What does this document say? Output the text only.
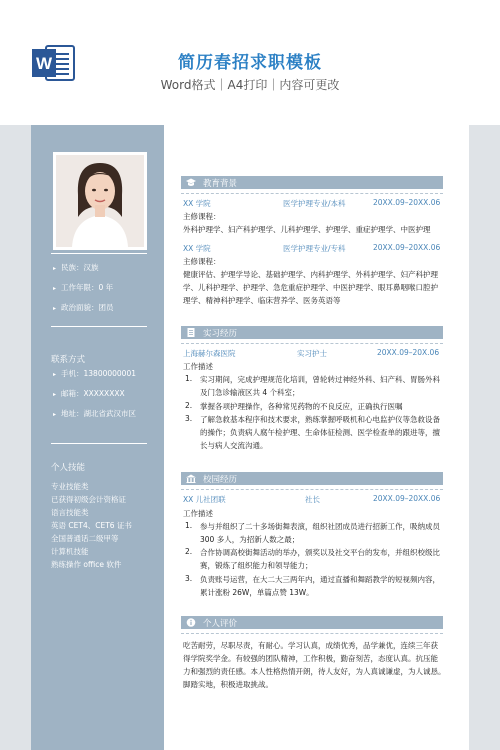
W	简历春招求职模板
Word格式｜A4打印｜内容可更改
▸ 民族：汉族
▸ 工作年限：0 年
▸ 政治面貌：团员
联系方式
▸ 手机：13800000001
▸ 邮箱：XXXXXXXX
▸ 地址：湖北省武汉市区
个人技能
专业技能类
已获得初级会计资格证
语言技能类
英语 CET4、CET6 证书
全国普通话二级甲等
计算机技能
熟练操作 office 软件
教育背景
XX 学院	医学护理专业/本科	20XX.09–20XX.06
主修课程：
外科护理学、妇产科护理学、儿科护理学、护理学、重症护理学、中医护理
XX 学院	医学护理专业/专科	20XX.09–20XX.06
主修课程：
健康评估、护理学导论、基础护理学、内科护理学、外科护理学、妇产科护理
学、儿科护理学、护理学、急危重症护理学、中医护理学、眼耳鼻咽喉口腔护
理学、精神科护理学、临床营养学、医务英语等
实习经历
上海赫尔森医院	实习护士	20XX.09–20X.06
工作描述
1. 实习期间，完成护理规范化培训，曾轮转过神经外科、妇产科、胃肠外科
及门急诊输液区共 4 个科室；
2. 掌握各项护理操作，各种常见药物的不良反应，正确执行医嘱
3. 了解急救基本程序和技术要求，熟练掌握呼吸机和心电监护仪等急救设备
的操作；负责病人腐午检护理、生命体征检测、医学检查单的跟进等，擅
长与病人交流沟通。
校园经历
XX 儿社团联	社长	20XX.09–20XX.06
工作描述
1. 参与并组织了二十多场街舞表演，组织社团成员进行招新工作，吸纳成员
300 多人，为招新人数之最；
2. 合作协调高校街舞活动的举办，颁奖以及社交平台的发布，并组织校级比
赛，锻炼了组织能力和领导能力；
3. 负责账号运营，在大二大三两年内，通过直播和舞蹈教学的短视频内容，
累计涨粉 26W，单篇点赞 13W。
个人评价
吃苦耐劳，尽职尽责，有耐心。学习认真，成绩优秀，品学兼优，连续三年获
得学院奖学金。有较强的团队精神，工作积极，勤奋刻苦，态度认真。抗压能
力和强烈的责任感。本人性格热情开朗，待人友好，为人真诚谦虚，为人诚恳。
脚踏实地，积极进取挑战。
